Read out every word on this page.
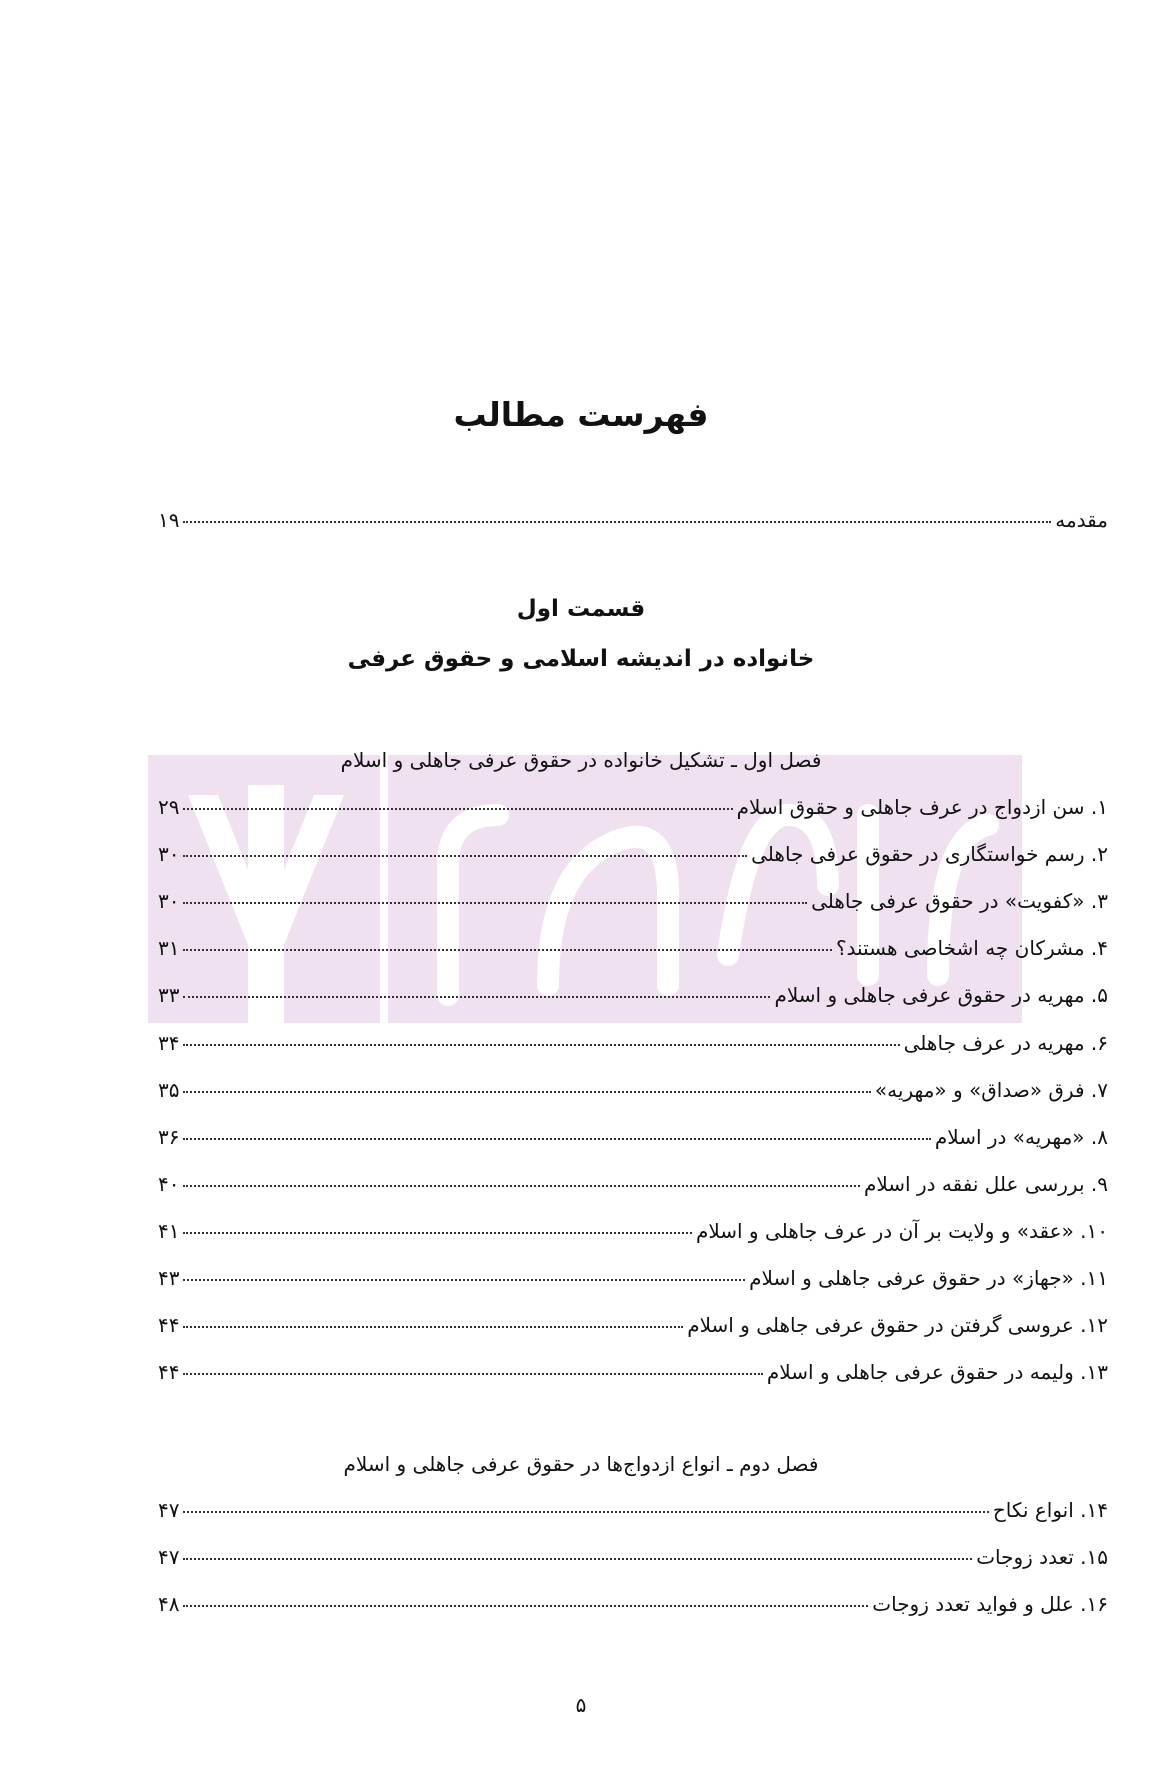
فهرست مطالب
مقدمه
۱۹
قسمت اول
خانواده در اندیشه اسلامی و حقوق عرفی
فصل اول ـ تشکیل خانواده در حقوق عرفی جاهلی و اسلام
فصل دوم ـ انواع ازدواج‌ها در حقوق عرفی جاهلی و اسلام
۵
۱. سن ازدواج در عرف جاهلی و حقوق اسلام
۲۹
۲. رسم خواستگاری در حقوق عرفی جاهلی
۳۰
۳. «کفویت» در حقوق عرفی جاهلی
۳۰
۴. مشرکان چه اشخاصی هستند؟
۳۱
۵. مهریه در حقوق عرفی جاهلی و اسلام
۳۳
۶. مهریه در عرف جاهلی
۳۴
۷. فرق «صداق» و «مهریه»
۳۵
۸. «مهریه» در اسلام
۳۶
۹. بررسی علل نفقه در اسلام
۴۰
۱۰. «عقد» و ولایت بر آن در عرف جاهلی و اسلام
۴۱
۱۱. «جهاز» در حقوق عرفی جاهلی و اسلام
۴۳
۱۲. عروسی گرفتن در حقوق عرفی جاهلی و اسلام
۴۴
۱۳. ولیمه در حقوق عرفی جاهلی و اسلام
۴۴
۱۴. انواع نکاح
۴۷
۱۵. تعدد زوجات
۴۷
۱۶. علل و فواید تعدد زوجات
۴۸
